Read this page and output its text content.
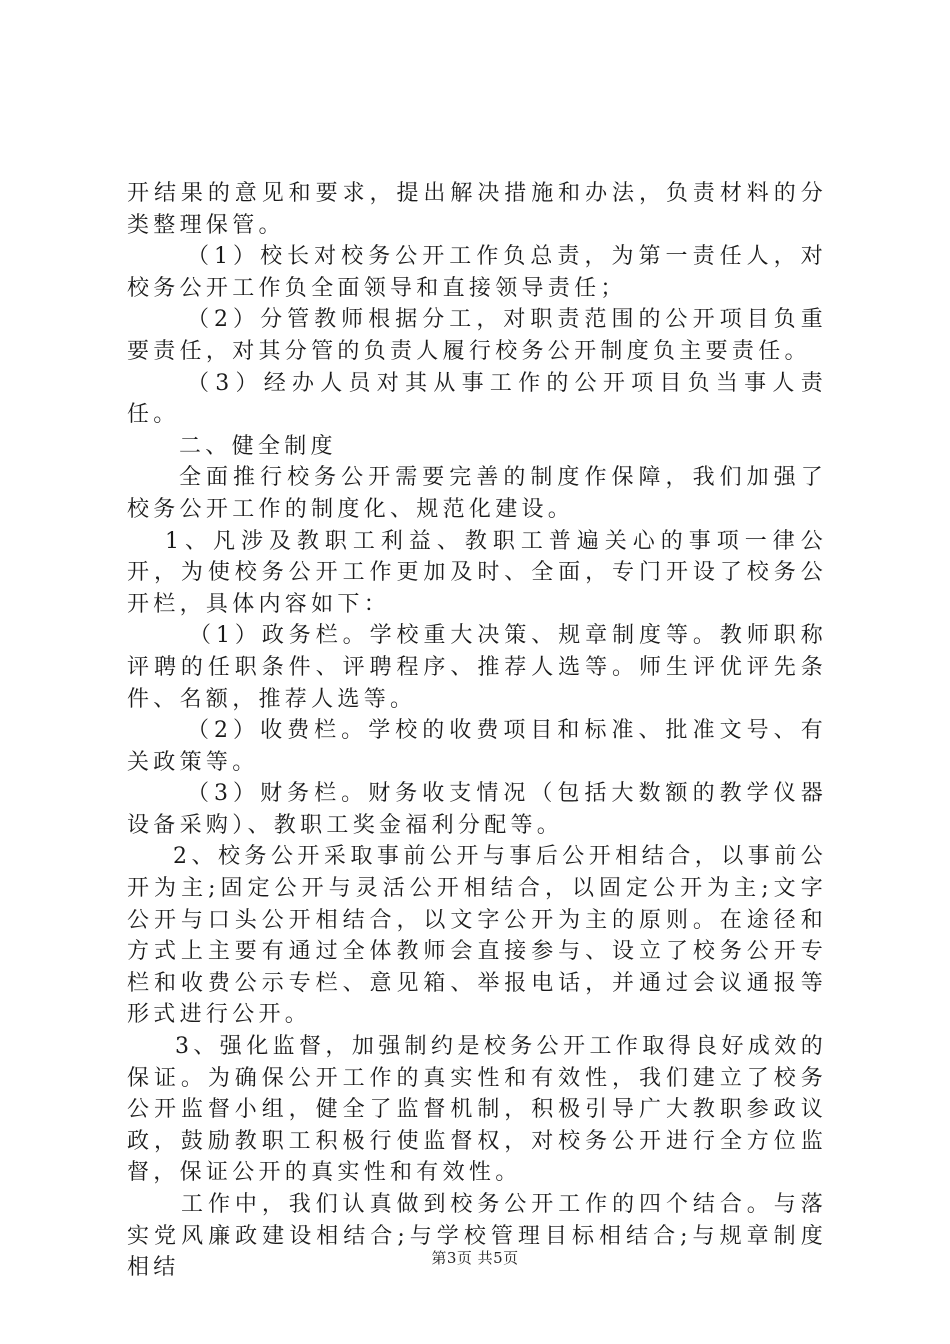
开结果的意见和要求，提出解决措施和办法，负责材料的分类整理保管。

（1）校长对校务公开工作负总责，为第一责任人，对校务公开工作负全面领导和直接领导责任；

（2）分管教师根据分工，对职责范围的公开项目负重要责任，对其分管的负责人履行校务公开制度负主要责任。

（3）经办人员对其从事工作的公开项目负当事人责任。

二、健全制度

全面推行校务公开需要完善的制度作保障，我们加强了校务公开工作的制度化、规范化建设。

1、凡涉及教职工利益、教职工普遍关心的事项一律公开，为使校务公开工作更加及时、全面，专门开设了校务公开栏，具体内容如下：

（1）政务栏。学校重大决策、规章制度等。教师职称评聘的任职条件、评聘程序、推荐人选等。师生评优评先条件、名额，推荐人选等。

（2）收费栏。学校的收费项目和标准、批准文号、有关政策等。

（3）财务栏。财务收支情况（包括大数额的教学仪器设备采购）、教职工奖金福利分配等。

2、校务公开采取事前公开与事后公开相结合，以事前公开为主;固定公开与灵活公开相结合，以固定公开为主;文字公开与口头公开相结合，以文字公开为主的原则。在途径和方式上主要有通过全体教师会直接参与、设立了校务公开专栏和收费公示专栏、意见箱、举报电话，并通过会议通报等形式进行公开。

3、强化监督，加强制约是校务公开工作取得良好成效的保证。为确保公开工作的真实性和有效性，我们建立了校务公开监督小组，健全了监督机制，积极引导广大教职参政议政，鼓励教职工积极行使监督权，对校务公开进行全方位监督，保证公开的真实性和有效性。

工作中，我们认真做到校务公开工作的四个结合。与落实党风廉政建设相结合;与学校管理目标相结合;与规章制度相结	第3页 共5页
